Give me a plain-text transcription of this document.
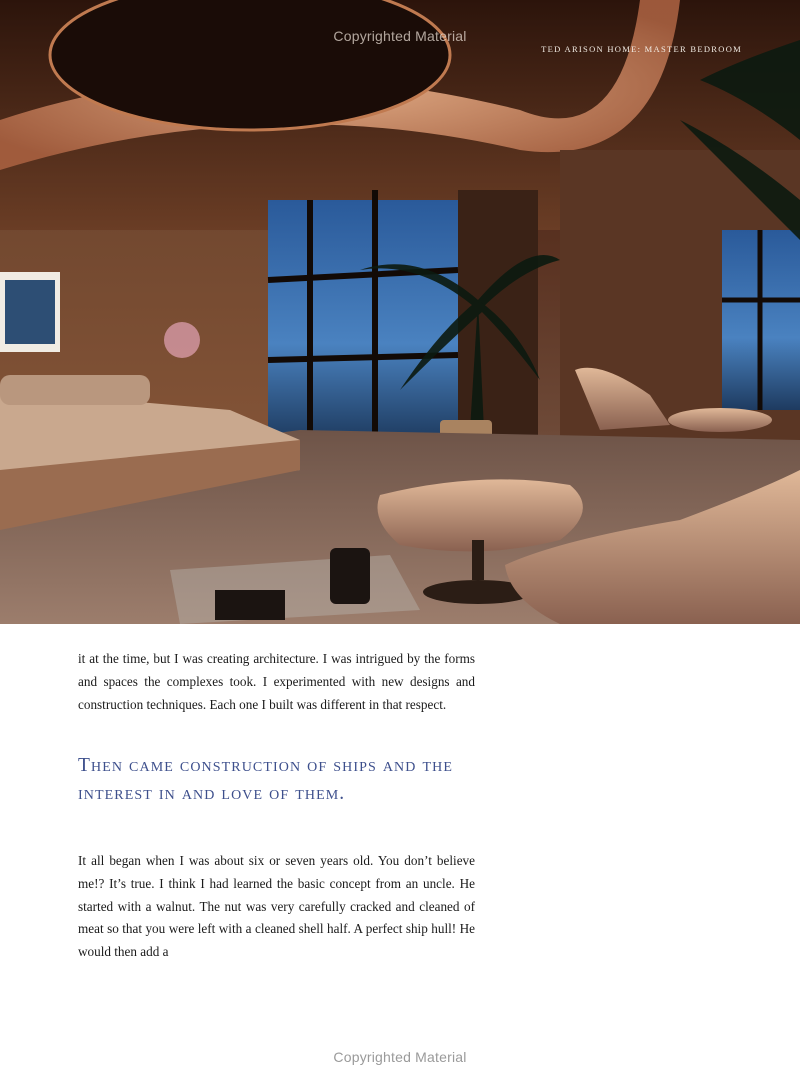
TED ARISON HOME: MASTER BEDROOM
Copyrighted Material

it at the time, but I was creating architecture. I was intrigued by the forms and spaces the complexes took. I experimented with new designs and construction techniques. Each one I built was different in that respect.

Then came construction of ships and the interest in and love of them.

It all began when I was about six or seven years old. You don’t believe me!? It’s true. I think I had learned the basic concept from an uncle. He started with a walnut. The nut was very carefully cracked and cleaned of meat so that you were left with a cleaned shell half. A perfect ship hull! He would then add a

Copyrighted Material
